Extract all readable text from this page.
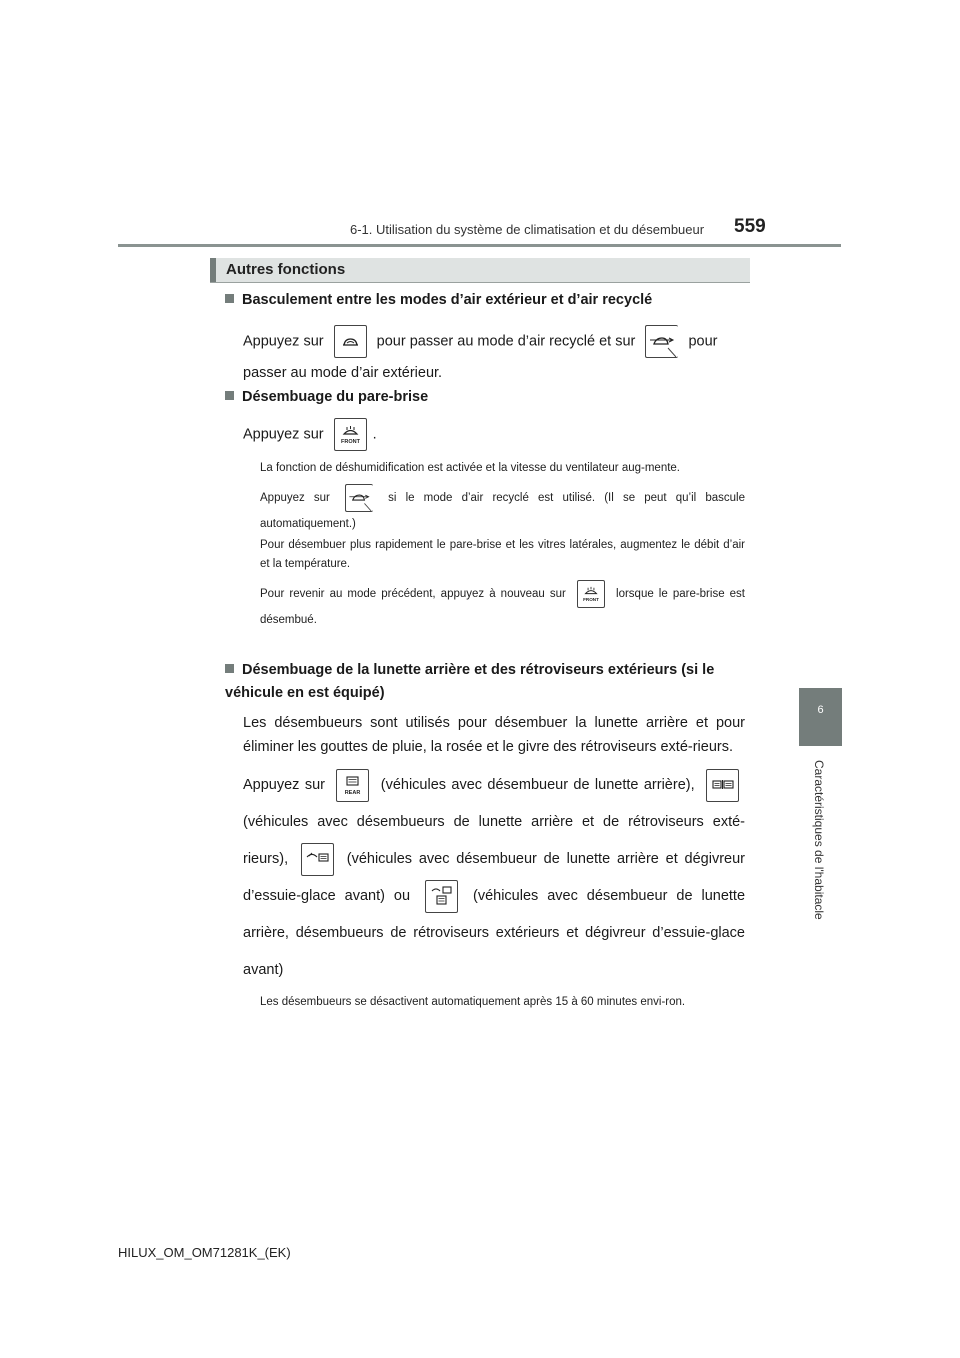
6-1. Utilisation du système de climatisation et du désembueur 559
6
Caractéristiques de l'habitacle
Autres fonctions
Basculement entre les modes d’air extérieur et d’air recyclé
Appuyez sur	pour passer au mode d’air recyclé et sur	pour
passer au mode d’air extérieur.
Désembuage du pare-brise
Appuyez sur	FRONT .
La fonction de déshumidification est activée et la vitesse du ventilateur aug-mente.
Appuyez sur	si le mode d’air recyclé est utilisé. (Il se peut qu’il bascule automatiquement.)
Pour désembuer plus rapidement le pare-brise et les vitres latérales, augmentez le débit d’air et la température.
Pour revenir au mode précédent, appuyez à nouveau sur	FRONT lorsque le pare-brise est désembué.
Désembuage de la lunette arrière et des rétroviseurs extérieurs (si le véhicule en est équipé)
Les désembueurs sont utilisés pour désembuer la lunette arrière et pour éliminer les gouttes de pluie, la rosée et le givre des rétroviseurs exté-rieurs.
Appuyez sur	REAR (véhicules avec désembueur de lunette arrière),
(véhicules avec désembueurs de lunette arrière et de rétroviseurs exté-rieurs),	(véhicules avec désembueur de lunette arrière et dégivreur d’essuie-glace avant) ou	(véhicules avec désembueur de lunette arrière, désembueurs de rétroviseurs extérieurs et dégivreur d’essuie-glace avant)
Les désembueurs se désactivent automatiquement après 15 à 60 minutes envi-ron.
HILUX_OM_OM71281K_(EK)
